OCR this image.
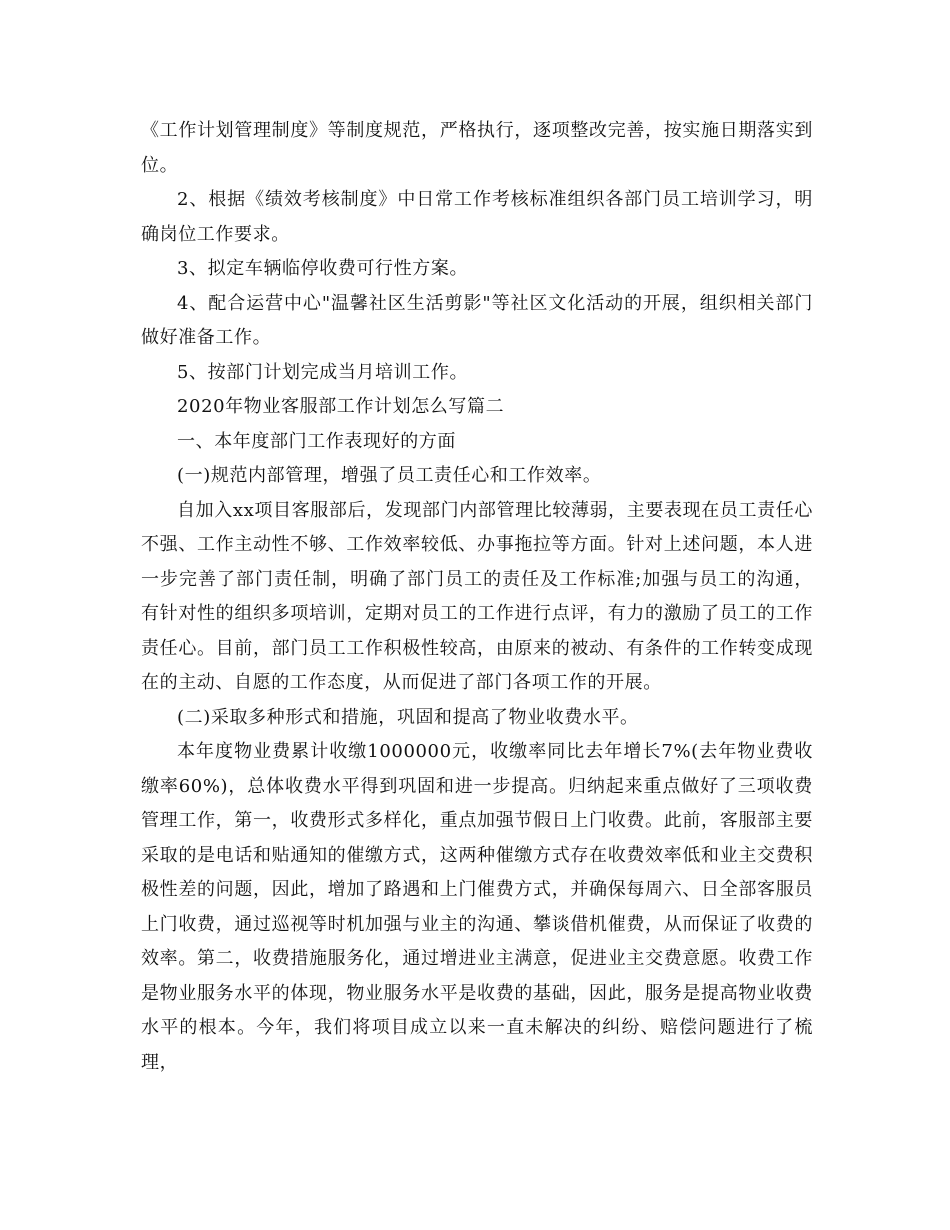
《工作计划管理制度》等制度规范，严格执行，逐项整改完善，按实施日期落实到位。

2、根据《绩效考核制度》中日常工作考核标准组织各部门员工培训学习，明确岗位工作要求。

3、拟定车辆临停收费可行性方案。

4、配合运营中心"温馨社区生活剪影"等社区文化活动的开展，组织相关部门做好准备工作。

5、按部门计划完成当月培训工作。

2020年物业客服部工作计划怎么写篇二

一、本年度部门工作表现好的方面

(一)规范内部管理，增强了员工责任心和工作效率。

自加入xx项目客服部后，发现部门内部管理比较薄弱，主要表现在员工责任心不强、工作主动性不够、工作效率较低、办事拖拉等方面。针对上述问题，本人进一步完善了部门责任制，明确了部门员工的责任及工作标准;加强与员工的沟通，有针对性的组织多项培训，定期对员工的工作进行点评，有力的激励了员工的工作责任心。目前，部门员工工作积极性较高，由原来的被动、有条件的工作转变成现在的主动、自愿的工作态度，从而促进了部门各项工作的开展。

(二)采取多种形式和措施，巩固和提高了物业收费水平。

本年度物业费累计收缴1000000元，收缴率同比去年增长7%(去年物业费收缴率60%)，总体收费水平得到巩固和进一步提高。归纳起来重点做好了三项收费管理工作，第一，收费形式多样化，重点加强节假日上门收费。此前，客服部主要采取的是电话和贴通知的催缴方式，这两种催缴方式存在收费效率低和业主交费积极性差的问题，因此，增加了路遇和上门催费方式，并确保每周六、日全部客服员上门收费，通过巡视等时机加强与业主的沟通、攀谈借机催费，从而保证了收费的效率。第二，收费措施服务化，通过增进业主满意，促进业主交费意愿。收费工作是物业服务水平的体现，物业服务水平是收费的基础，因此，服务是提高物业收费水平的根本。今年，我们将项目成立以来一直未解决的纠纷、赔偿问题进行了梳理，
